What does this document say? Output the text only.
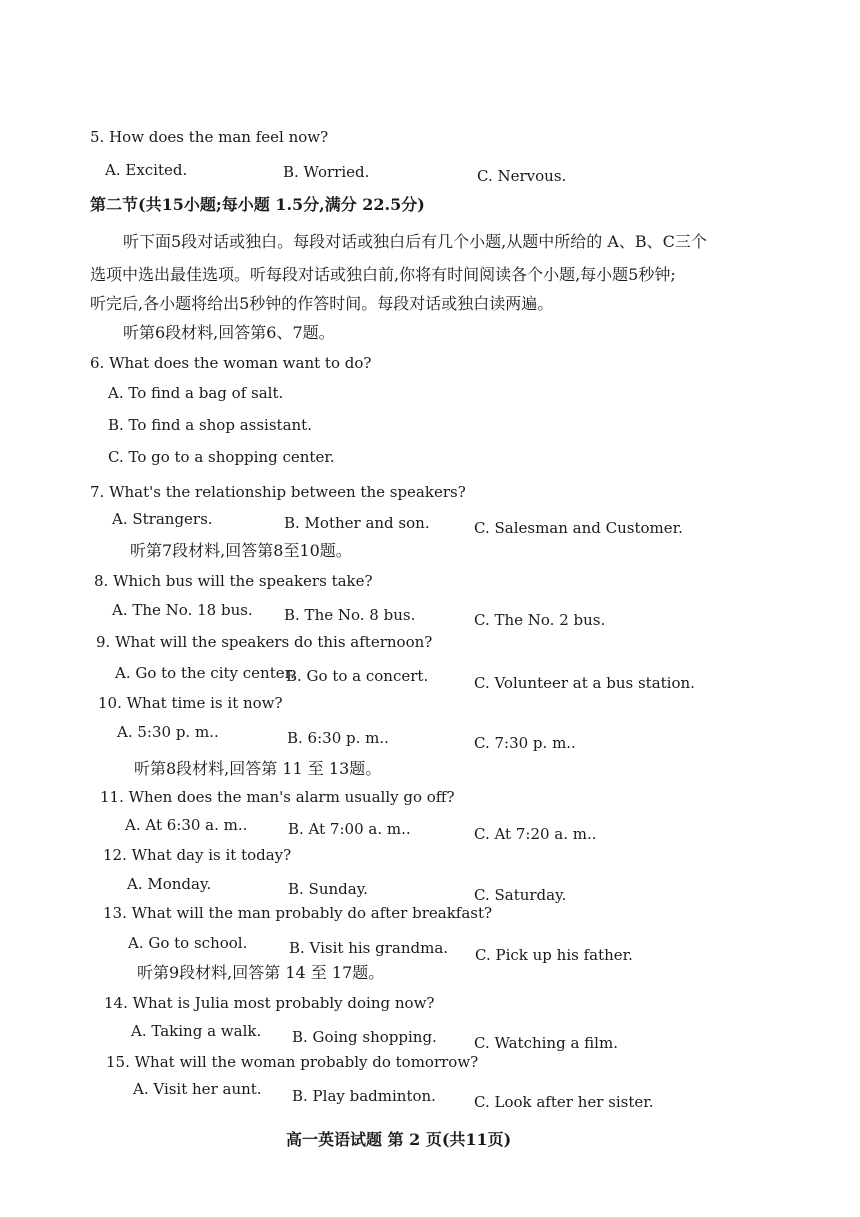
5. How does the man feel now?
A. Excited.	B. Worried.	C. Nervous.
第二节(共15小题;每小题 1.5分,满分 22.5分)
听下面5段对话或独白。每段对话或独白后有几个小题,从题中所给的 A、B、C三个
选项中选出最佳选项。听每段对话或独白前,你将有时间阅读各个小题,每小题5秒钟;
听完后,各小题将给出5秒钟的作答时间。每段对话或独白读两遍。
听第6段材料,回答第6、7题。
6. What does the woman want to do?
A. To find a bag of salt.
B. To find a shop assistant.
C. To go to a shopping center.
7. What's the relationship between the speakers?
A. Strangers.	B. Mother and son.	C. Salesman and Customer.
听第7段材料,回答第8至10题。
8. Which bus will the speakers take?
A. The No. 18 bus. B. The No. 8 bus.	C. The No. 2 bus.
9. What will the speakers do this afternoon?
A. Go to the city center.
B. Go to a concert.	C. Volunteer at a bus station.
10. What time is it now?
A. 5:30 p. m..	B. 6:30 p. m..	C. 7:30 p. m..
听第8段材料,回答第 11 至 13题。
11. When does the man's alarm usually go off?
A. At 6:30 a. m..	B. At 7:00 a. m..	C. At 7:20 a. m..
12. What day is it today?
A. Monday.	B. Sunday.	C. Saturday.
13. What will the man probably do after breakfast?
A. Go to school.	B. Visit his grandma. C. Pick up his father.
听第9段材料,回答第 14 至 17题。
14. What is Julia most probably doing now?
A. Taking a walk. B. Going shopping. C. Watching a film.
15. What will the woman probably do tomorrow?
A. Visit her aunt. B. Play badminton.	C. Look after her sister.
高一英语试题 第 2 页(共11页)
